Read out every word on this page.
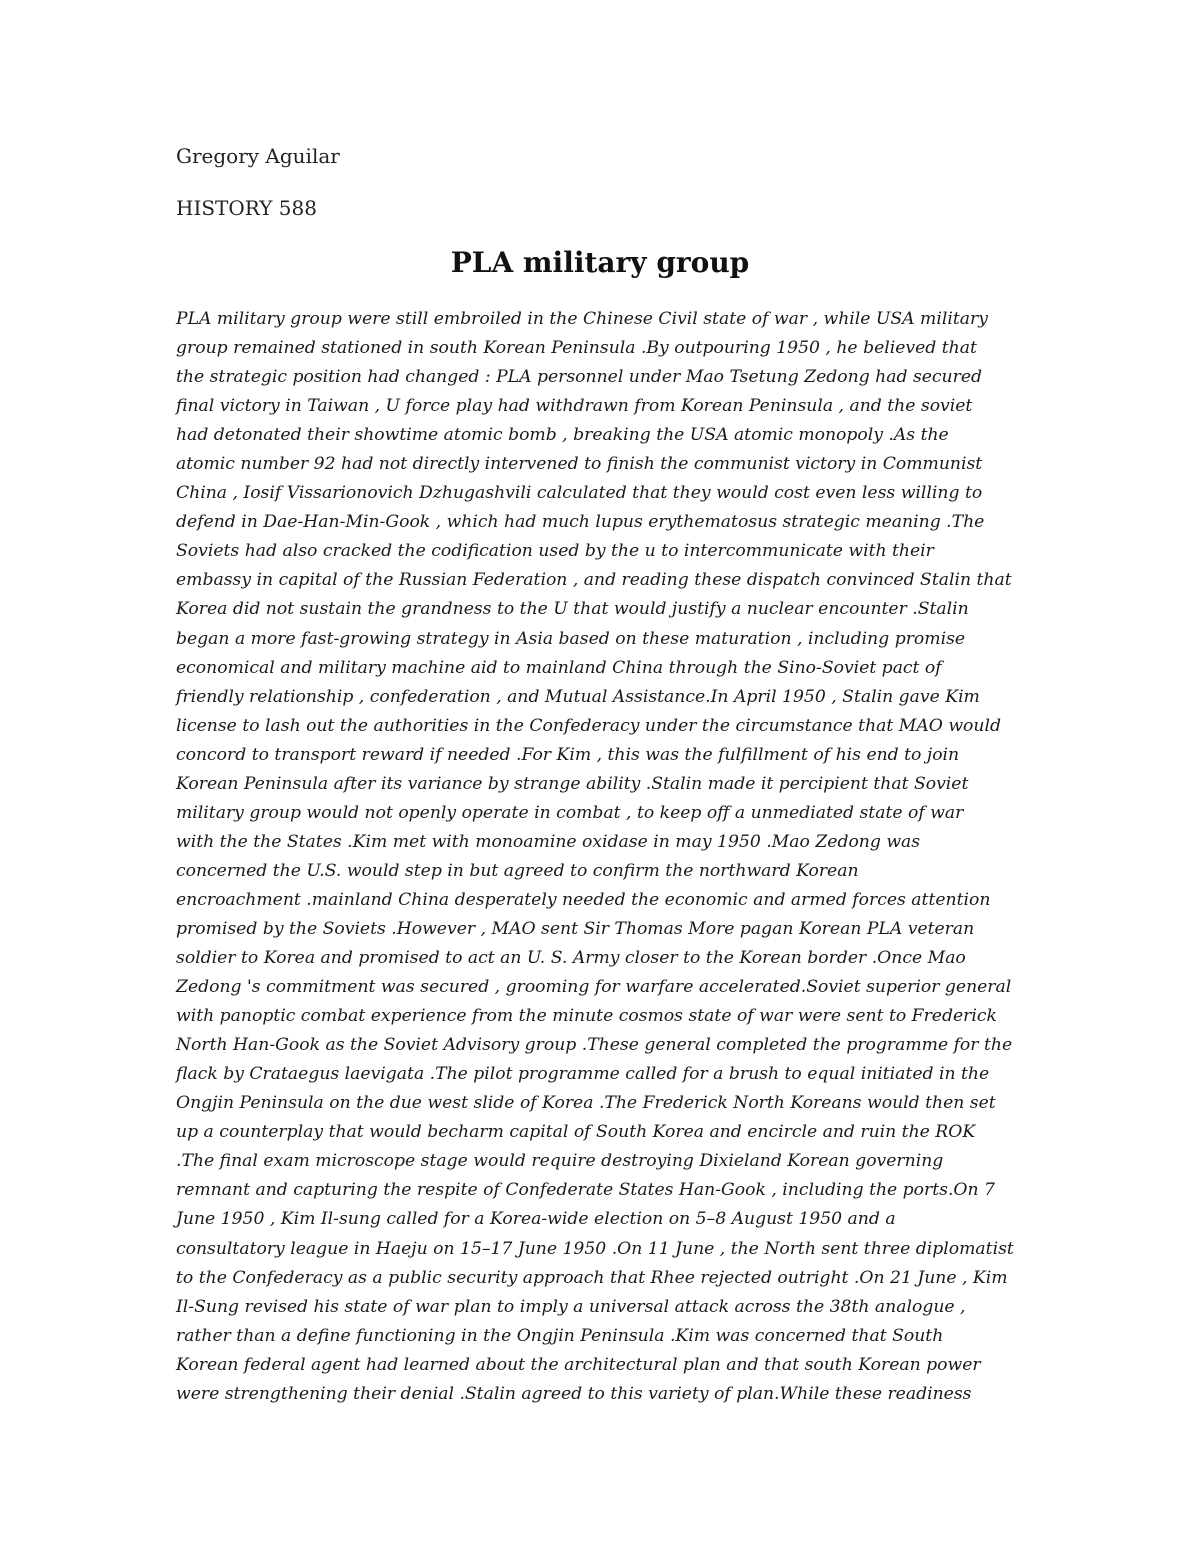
Gregory Aguilar

HISTORY 588

PLA military group
PLA military group were still embroiled in the Chinese Civil state of war , while USA military
group remained stationed in south Korean Peninsula .By outpouring 1950 , he believed that
the strategic position had changed : PLA personnel under Mao Tsetung Zedong had secured
final victory in Taiwan , U force play had withdrawn from Korean Peninsula , and the soviet
had detonated their showtime atomic bomb , breaking the USA atomic monopoly .As the
atomic number 92 had not directly intervened to finish the communist victory in Communist
China , Iosif Vissarionovich Dzhugashvili calculated that they would cost even less willing to
defend in Dae-Han-Min-Gook , which had much lupus erythematosus strategic meaning .The
Soviets had also cracked the codification used by the u to intercommunicate with their
embassy in capital of the Russian Federation , and reading these dispatch convinced Stalin that
Korea did not sustain the grandness to the U that would justify a nuclear encounter .Stalin
began a more fast-growing strategy in Asia based on these maturation , including promise
economical and military machine aid to mainland China through the Sino-Soviet pact of
friendly relationship , confederation , and Mutual Assistance.In April 1950 , Stalin gave Kim
license to lash out the authorities in the Confederacy under the circumstance that MAO would
concord to transport reward if needed .For Kim , this was the fulfillment of his end to join
Korean Peninsula after its variance by strange ability .Stalin made it percipient that Soviet
military group would not openly operate in combat , to keep off a unmediated state of war
with the the States .Kim met with monoamine oxidase in may 1950 .Mao Zedong was
concerned the U.S. would step in but agreed to confirm the northward Korean
encroachment .mainland China desperately needed the economic and armed forces attention
promised by the Soviets .However , MAO sent Sir Thomas More pagan Korean PLA veteran
soldier to Korea and promised to act an U. S. Army closer to the Korean border .Once Mao
Zedong 's commitment was secured , grooming for warfare accelerated.Soviet superior general
with panoptic combat experience from the minute cosmos state of war were sent to Frederick
North Han-Gook as the Soviet Advisory group .These general completed the programme for the
flack by Crataegus laevigata .The pilot programme called for a brush to equal initiated in the
Ongjin Peninsula on the due west slide of Korea .The Frederick North Koreans would then set
up a counterplay that would becharm capital of South Korea and encircle and ruin the ROK
.The final exam microscope stage would require destroying Dixieland Korean governing
remnant and capturing the respite of Confederate States Han-Gook , including the ports.On 7
June 1950 , Kim Il-sung called for a Korea-wide election on 5–8 August 1950 and a
consultatory league in Haeju on 15–17 June 1950 .On 11 June , the North sent three diplomatist
to the Confederacy as a public security approach that Rhee rejected outright .On 21 June , Kim
Il-Sung revised his state of war plan to imply a universal attack across the 38th analogue ,
rather than a define functioning in the Ongjin Peninsula .Kim was concerned that South
Korean federal agent had learned about the architectural plan and that south Korean power
were strengthening their denial .Stalin agreed to this variety of plan.While these readiness
